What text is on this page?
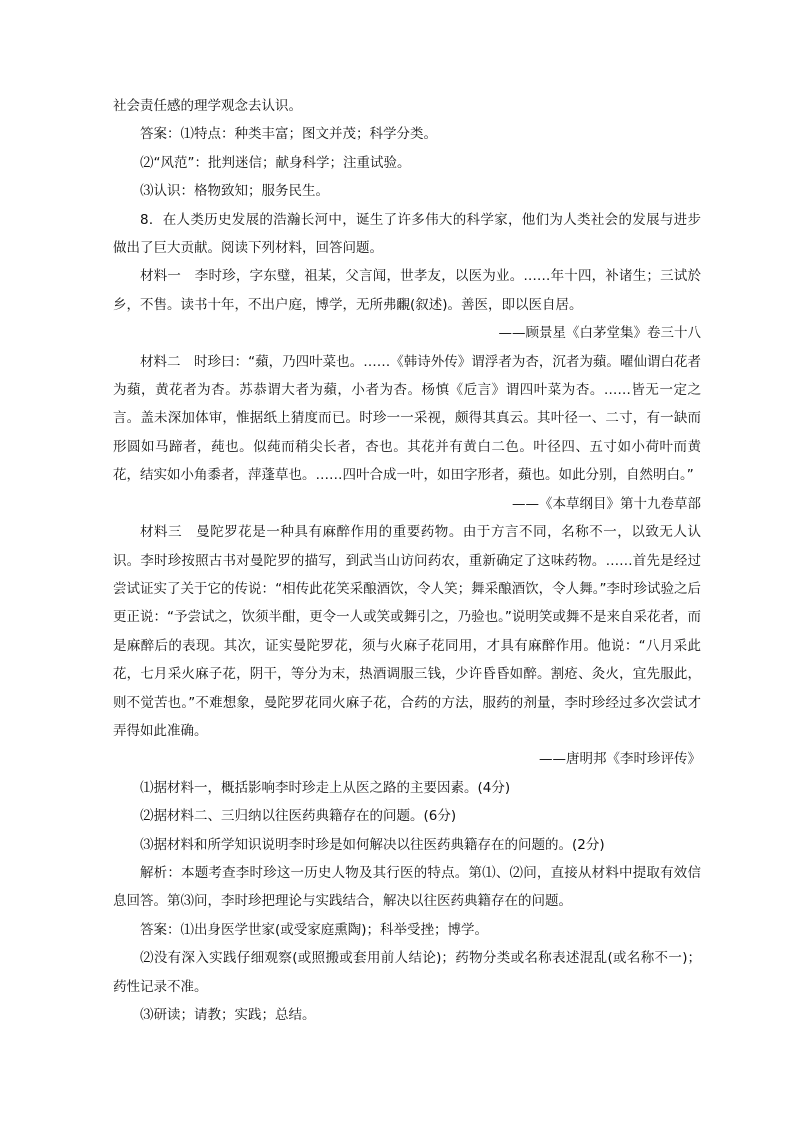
社会责任感的理学观念去认识。

答案：⑴特点：种类丰富；图文并茂；科学分类。

⑵“风范”：批判迷信；献身科学；注重试验。

⑶认识：格物致知；服务民生。

8．在人类历史发展的浩瀚长河中，诞生了许多伟大的科学家，他们为人类社会的发展与进步做出了巨大贡献。阅读下列材料，回答问题。

材料一　李时珍，字东璧，祖某，父言闻，世孝友，以医为业。……年十四，补诸生；三试於乡，不售。读书十年，不出户庭，博学，无所弗覼(叙述)。善医，即以医自居。

——顾景星《白茅堂集》卷三十八

材料二　时珍曰：“蘋，乃四叶菜也。……《韩诗外传》谓浮者为杏，沉者为蘋。曜仙谓白花者为蘋，黄花者为杏。苏恭谓大者为蘋，小者为杏。杨慎《卮言》谓四叶菜为杏。……皆无一定之言。盖未深加体审，惟据纸上猜度而已。时珍一一采视，颇得其真云。其叶径一、二寸，有一缺而形圆如马蹄者，莼也。似莼而稍尖长者，杏也。其花并有黄白二色。叶径四、五寸如小荷叶而黄花，结实如小角黍者，萍蓬草也。……四叶合成一叶，如田字形者，蘋也。如此分别，自然明白。”

——《本草纲目》第十九卷草部

材料三　曼陀罗花是一种具有麻醉作用的重要药物。由于方言不同，名称不一，以致无人认识。李时珍按照古书对曼陀罗的描写，到武当山访问药农，重新确定了这味药物。……首先是经过尝试证实了关于它的传说：“相传此花笑采酿酒饮，令人笑；舞采酿酒饮，令人舞。”李时珍试验之后更正说：“予尝试之，饮须半酣，更令一人或笑或舞引之，乃验也。”说明笑或舞不是来自采花者，而是麻醉后的表现。其次，证实曼陀罗花，须与火麻子花同用，才具有麻醉作用。他说：“八月采此花，七月采火麻子花，阴干，等分为末，热酒调服三钱，少许昏昏如醉。割疮、灸火，宜先服此，则不觉苦也。”不难想象，曼陀罗花同火麻子花，合药的方法，服药的剂量，李时珍经过多次尝试才弄得如此准确。

——唐明邦《李时珍评传》

⑴据材料一，概括影响李时珍走上从医之路的主要因素。(4分)

⑵据材料二、三归纳以往医药典籍存在的问题。(6分)

⑶据材料和所学知识说明李时珍是如何解决以往医药典籍存在的问题的。(2分)

解析：本题考查李时珍这一历史人物及其行医的特点。第⑴、⑵问，直接从材料中提取有效信息回答。第⑶问，李时珍把理论与实践结合，解决以往医药典籍存在的问题。

答案：⑴出身医学世家(或受家庭熏陶)；科举受挫；博学。

⑵没有深入实践仔细观察(或照搬或套用前人结论)；药物分类或名称表述混乱(或名称不一)；药性记录不准。

⑶研读；请教；实践；总结。
